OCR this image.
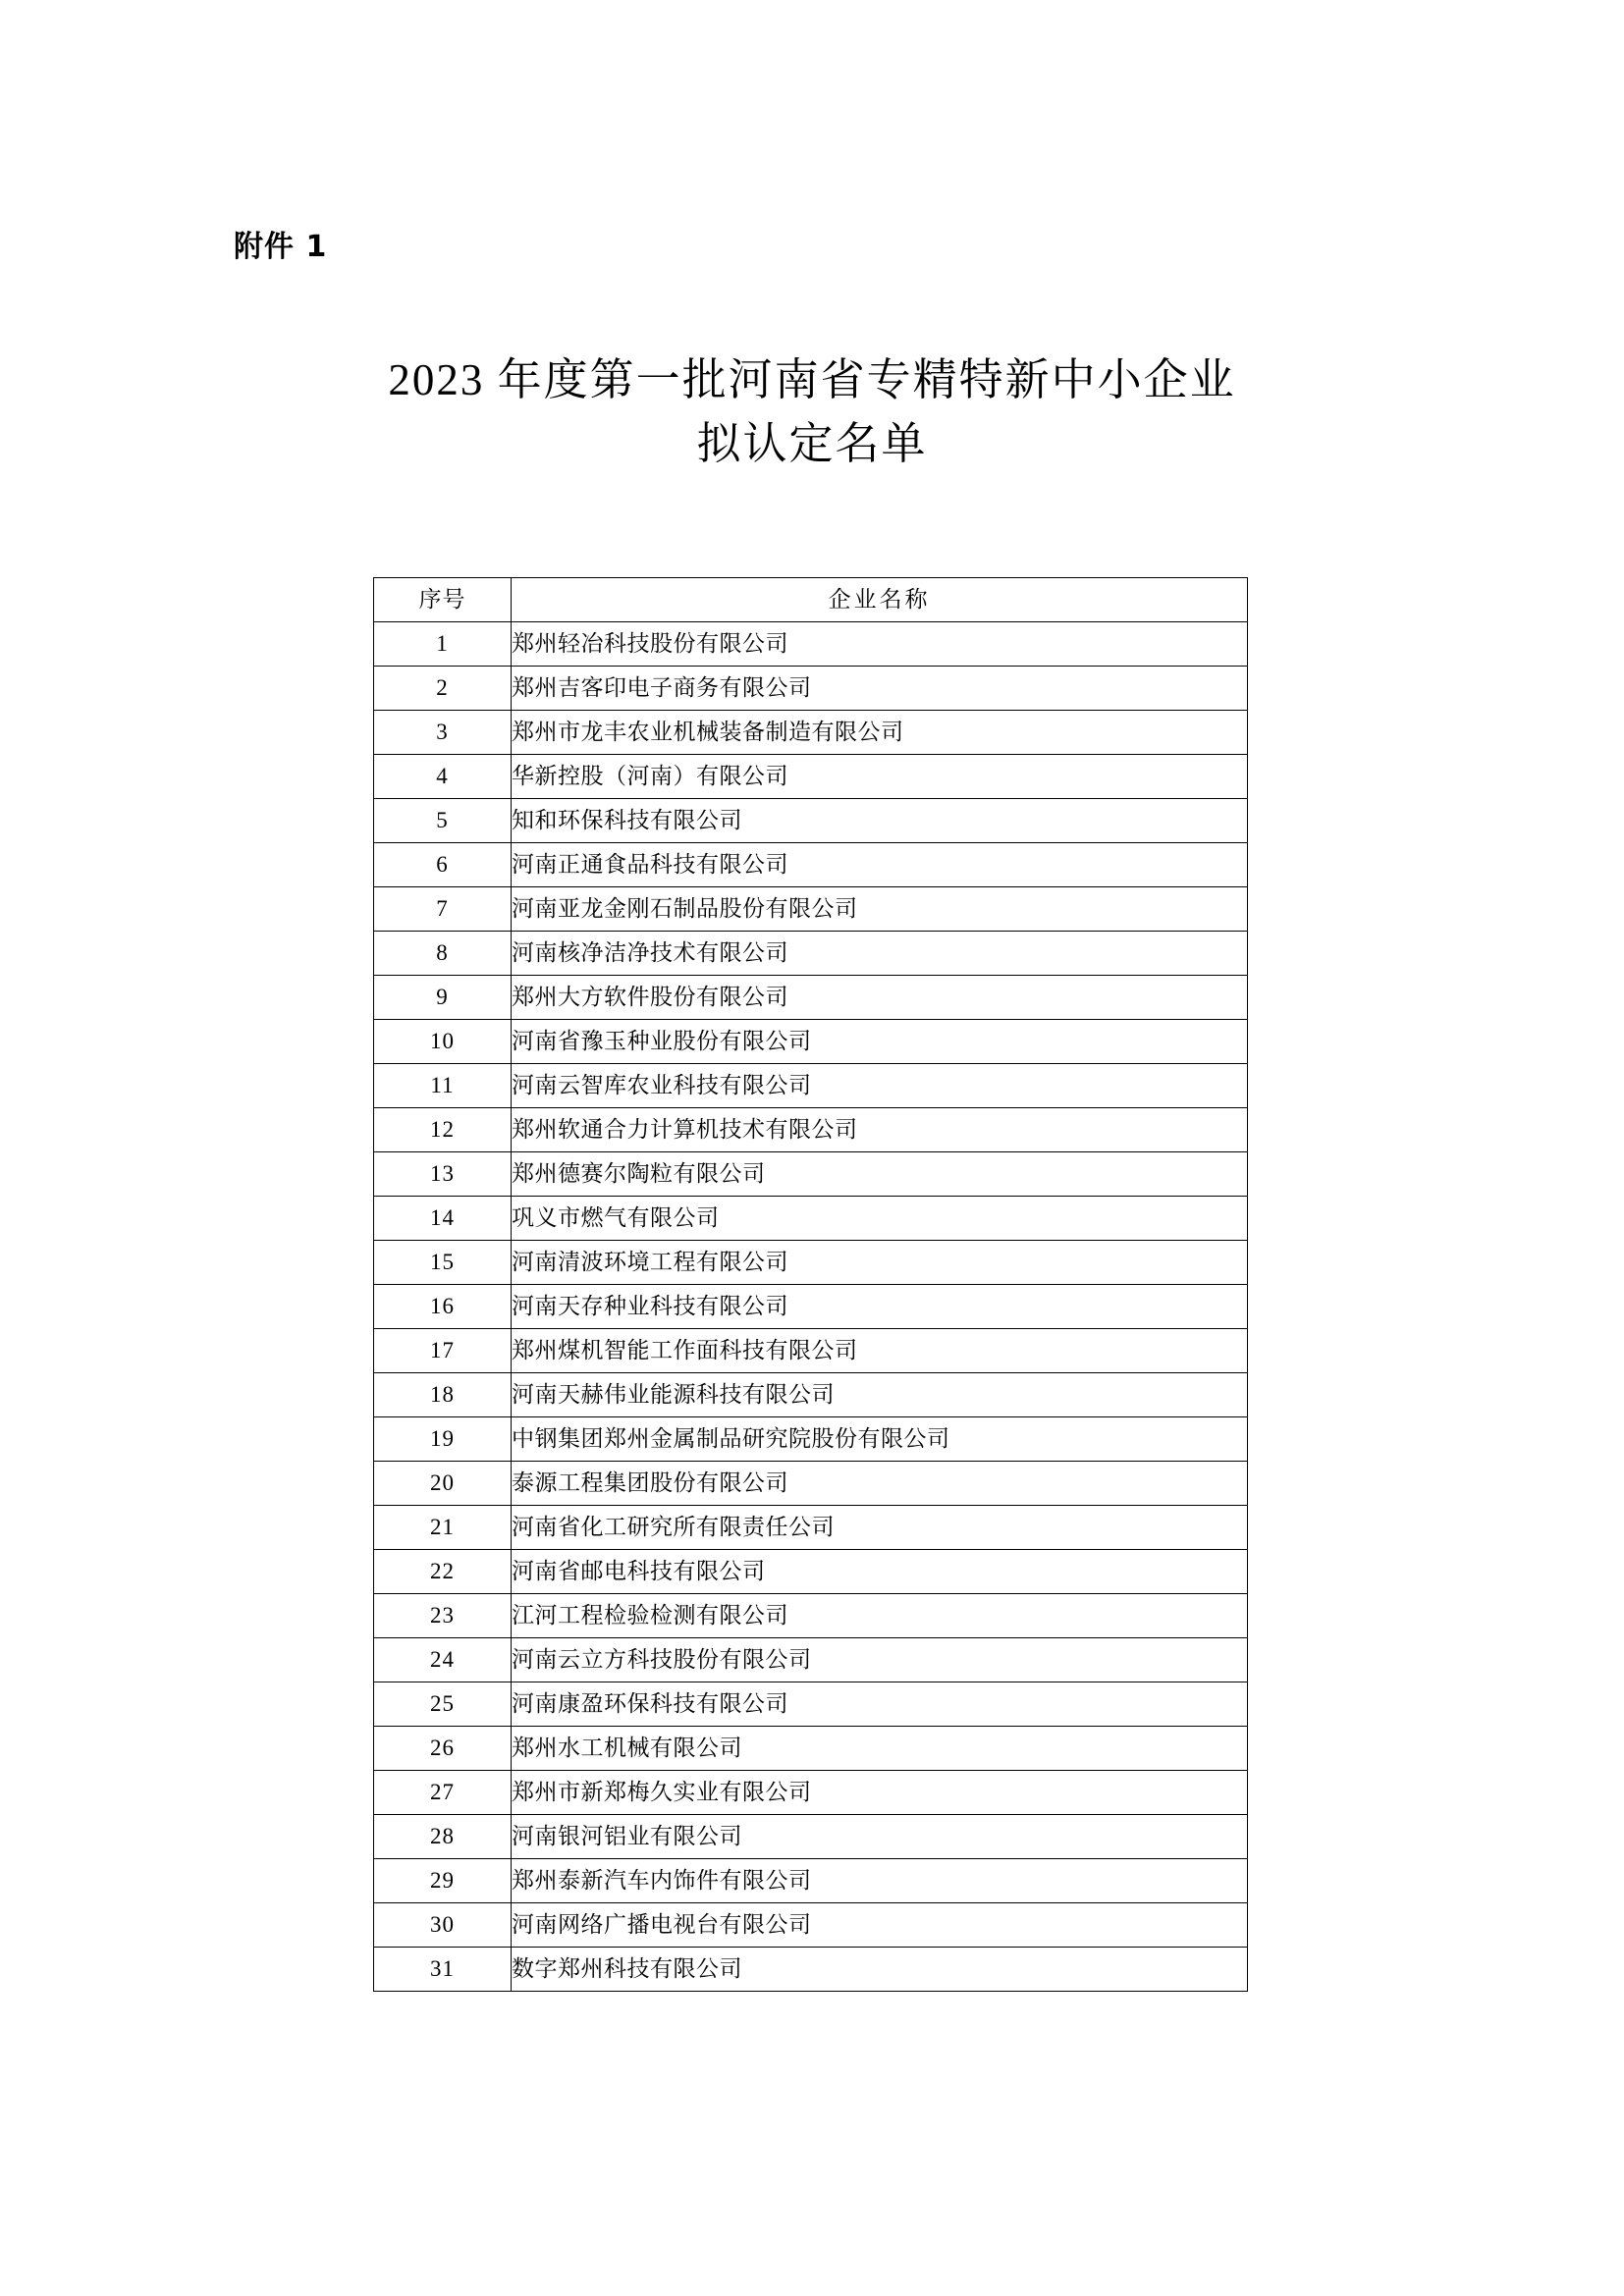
附件 1
2023 年度第一批河南省专精特新中小企业
拟认定名单
序号	企业名称
1	郑州轻冶科技股份有限公司
2	郑州吉客印电子商务有限公司
3	郑州市龙丰农业机械装备制造有限公司
4	华新控股（河南）有限公司
5	知和环保科技有限公司
6	河南正通食品科技有限公司
7	河南亚龙金刚石制品股份有限公司
8	河南核净洁净技术有限公司
9	郑州大方软件股份有限公司
10	河南省豫玉种业股份有限公司
11	河南云智库农业科技有限公司
12	郑州软通合力计算机技术有限公司
13	郑州德赛尔陶粒有限公司
14	巩义市燃气有限公司
15	河南清波环境工程有限公司
16	河南天存种业科技有限公司
17	郑州煤机智能工作面科技有限公司
18	河南天赫伟业能源科技有限公司
19	中钢集团郑州金属制品研究院股份有限公司
20	泰源工程集团股份有限公司
21	河南省化工研究所有限责任公司
22	河南省邮电科技有限公司
23	江河工程检验检测有限公司
24	河南云立方科技股份有限公司
25	河南康盈环保科技有限公司
26	郑州水工机械有限公司
27	郑州市新郑梅久实业有限公司
28	河南银河铝业有限公司
29	郑州泰新汽车内饰件有限公司
30	河南网络广播电视台有限公司
31	数字郑州科技有限公司
